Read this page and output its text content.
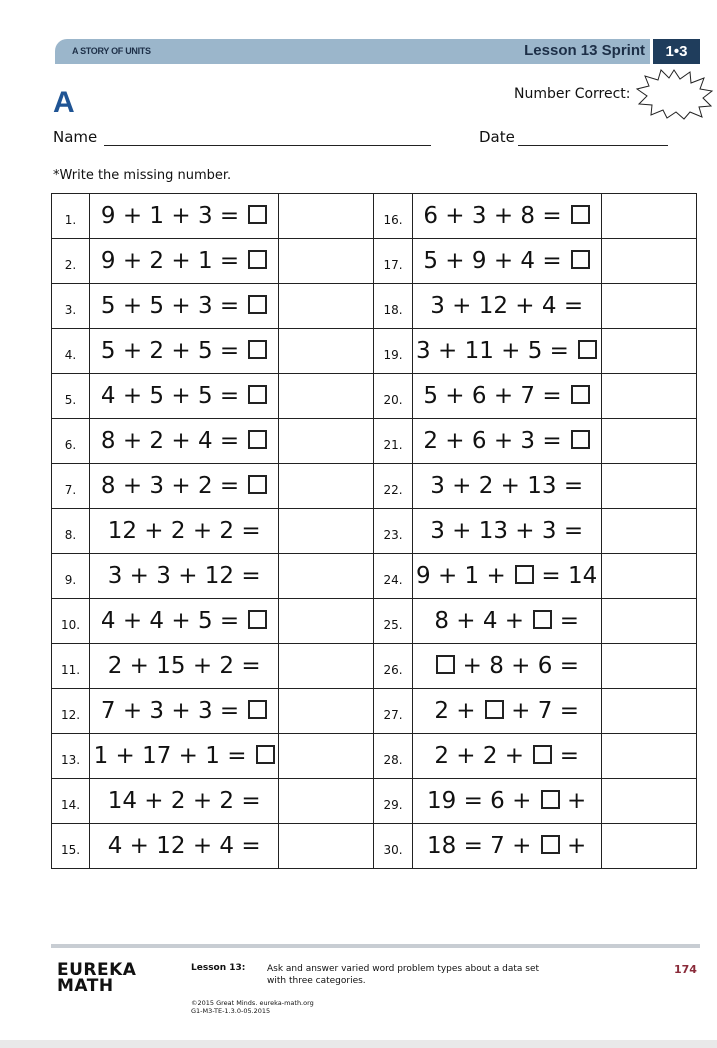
A STORY OF UNITS	Lesson 13 Sprint	1•3
A	Number Correct:
Name	Date
*Write the missing number.
1.	9 + 1 + 3 =		16.	6 + 3 + 8 =	
2.	9 + 2 + 1 =		17.	5 + 9 + 4 =	
3.	5 + 5 + 3 =		18.	3 + 12 + 4 =	
4.	5 + 2 + 5 =		19.	3 + 11 + 5 =	
5.	4 + 5 + 5 =		20.	5 + 6 + 7 =	
6.	8 + 2 + 4 =		21.	2 + 6 + 3 =	
7.	8 + 3 + 2 =		22.	3 + 2 + 13 =	
8.	12 + 2 + 2 =		23.	3 + 13 + 3 =	
9.	3 + 3 + 12 =		24.	9 + 1 +  = 14	
10.	4 + 4 + 5 =		25.	8 + 4 +  =	
11.	2 + 15 + 2 =		26.	+ 8 + 6 =	
12.	7 + 3 + 3 =		27.	2 +  + 7 =	
13.	1 + 17 + 1 =		28.	2 + 2 +  =	
14.	14 + 2 + 2 =		29.	19 = 6 +  +	
15.	4 + 12 + 4 =		30.	18 = 7 +  +	
EUREKA
MATH
Lesson 13: Ask and answer varied word problem types about a data set with three categories.
174
©2015 Great Minds. eureka-math.org
G1-M3-TE-1.3.0-05.2015
